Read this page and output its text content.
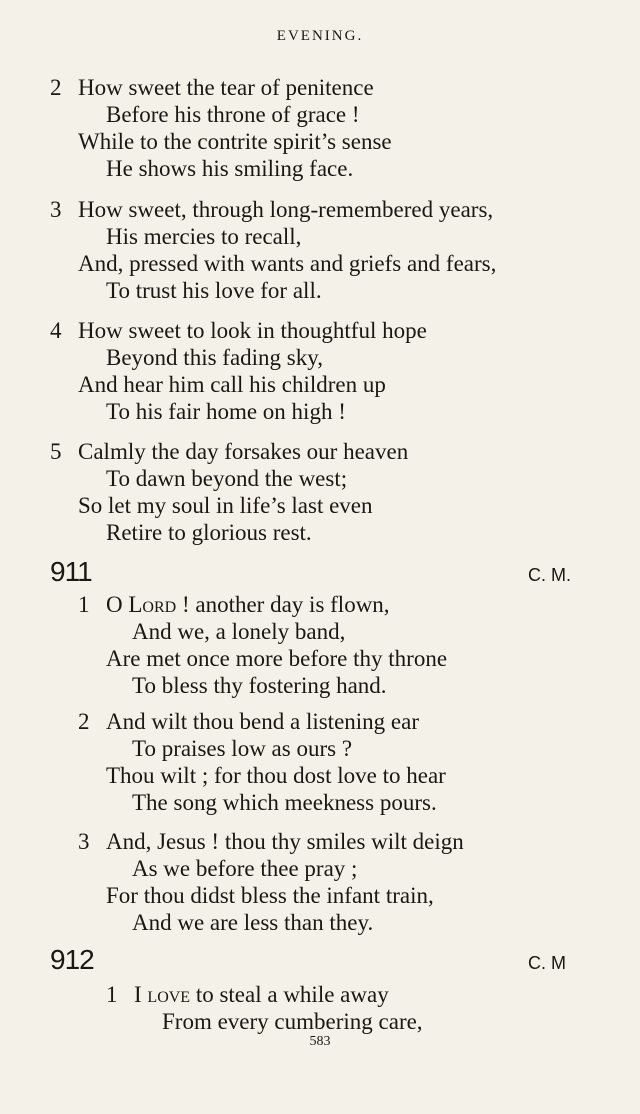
EVENING.
2 How sweet the tear of penitence
Before his throne of grace !
While to the contrite spirit’s sense
He shows his smiling face.
3 How sweet, through long-remembered years,
His mercies to recall,
And, pressed with wants and griefs and fears,
To trust his love for all.
4 How sweet to look in thoughtful hope
Beyond this fading sky,
And hear him call his children up
To his fair home on high !
5 Calmly the day forsakes our heaven
To dawn beyond the west;
So let my soul in life’s last even
Retire to glorious rest.
911	C. M.
1 O Lord ! another day is flown,
And we, a lonely band,
Are met once more before thy throne
To bless thy fostering hand.
2 And wilt thou bend a listening ear
To praises low as ours ?
Thou wilt ; for thou dost love to hear
The song which meekness pours.
3 And, Jesus ! thou thy smiles wilt deign
As we before thee pray ;
For thou didst bless the infant train,
And we are less than they.
912	C. M
1 I love to steal a while away
From every cumbering care,
583
